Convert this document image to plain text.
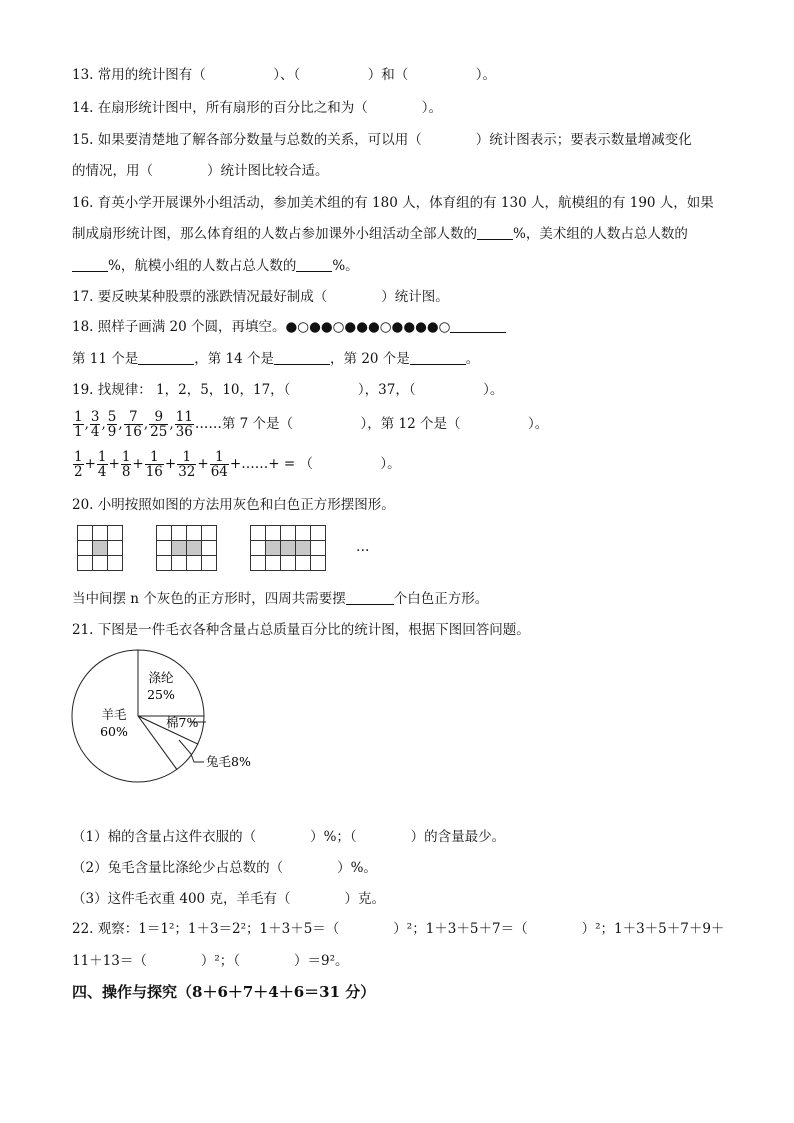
13. 常用的统计图有（　　　　　）、（　　　　　）和（　　　　　）。
14. 在扇形统计图中，所有扇形的百分比之和为（　　　　）。
15. 如果要清楚地了解各部分数量与总数的关系，可以用（　　　　）统计图表示；要表示数量增减变化
的情况，用（　　　　）统计图比较合适。
16. 育英小学开展课外小组活动，参加美术组的有 180 人，体育组的有 130 人，航模组的有 190 人，如果
制成扇形统计图，那么体育组的人数占参加课外小组活动全部人数的	%，美术组的人数占总人数的
%，航模小组的人数占总人数的	%。
17. 要反映某种股票的涨跌情况最好制成（　　　　）统计图。
18. 照样子画满 20 个圆，再填空。●○●●○●●●○●●●●○
第 11 个是	，第 14 个是	，第 20 个是	。
19. 找规律： 1，2，5，10，17，（　　　　　），37，（　　　　　）。
$\frac{1}{1}$ , $\frac{3}{4}$ , $\frac{5}{9}$ , $\frac{7}{16}$ , $\frac{9}{25}$ , $\frac{11}{36}$ ……第 7 个是（　　　　　），第 12 个是（　　　　　）。
$\frac{1}{2} + \frac{1}{4} + \frac{1}{8} + \frac{1}{16} + \frac{1}{32} + \frac{1}{64}$ +……+ = （　　　　　）。
20. 小明按照如图的方法用灰色和白色正方形摆图形。

…
当中间摆 n 个灰色的正方形时，四周共需要摆	个白色正方形。
21. 下图是一件毛衣各种含量占总质量百分比的统计图，根据下图回答问题。
涤纶
25%
棉7%
兔毛8%
羊毛
60%
（1）棉的含量占这件衣服的（　　　　）%；（　　　　）的含量最少。
（2）兔毛含量比涤纶少占总数的（　　　　）%。
（3）这件毛衣重 400 克，羊毛有（　　　　）克。
22. 观察：1＝1²；1＋3＝2²；1＋3＋5＝（　　　　）²；1＋3＋5＋7＝（　　　　）²；1＋3＋5＋7＋9＋
11＋13＝（　　　　）²；（　　　　）＝9²。
四、操作与探究（8＋6＋7＋4＋6＝31 分）
